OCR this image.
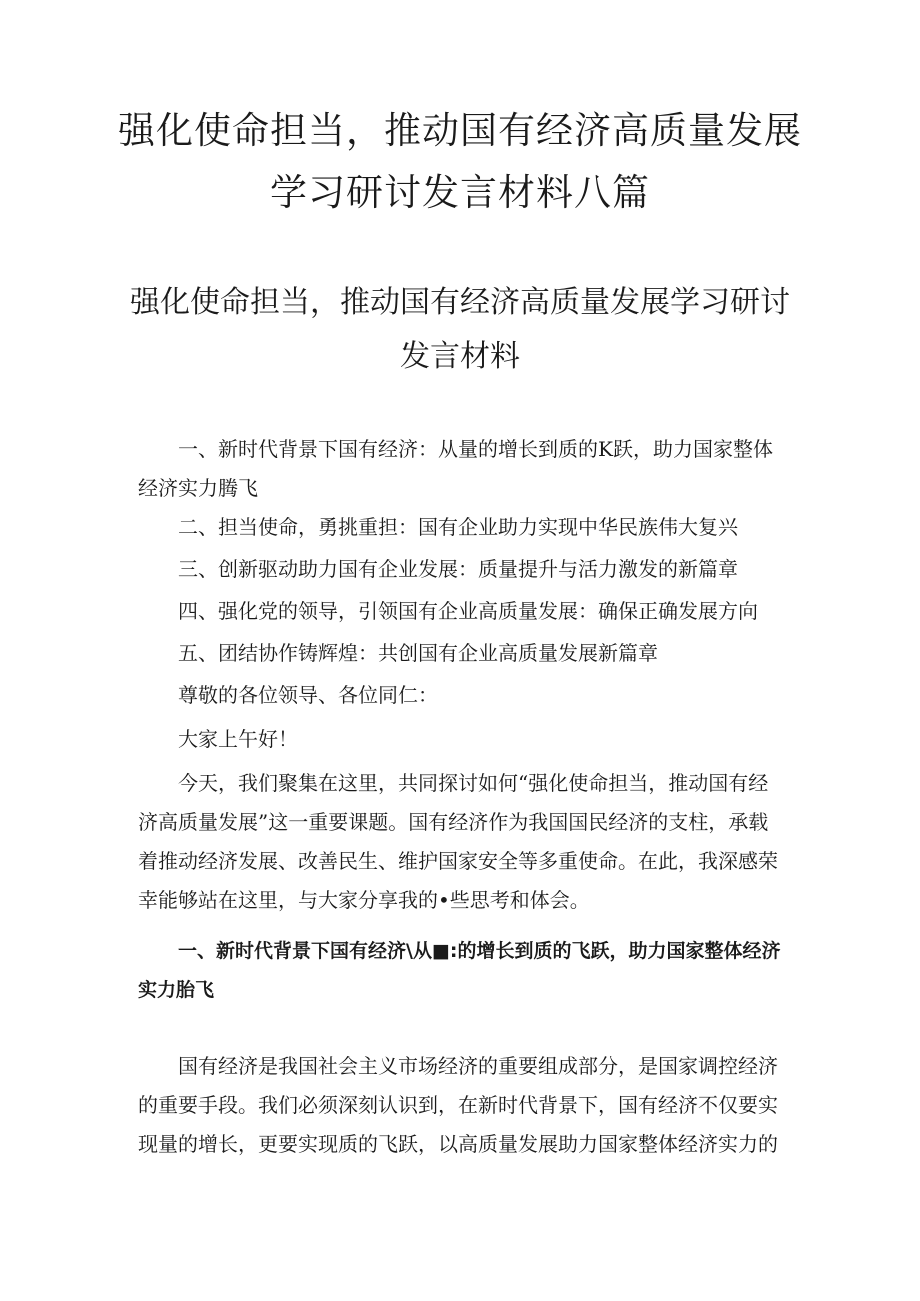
强化使命担当，推动国有经济高质量发展
学习研讨发言材料八篇
强化使命担当，推动国有经济高质量发展学习研讨
发言材料

一、新时代背景下国有经济：从量的增长到质的K跃，助力国家整体经济实力腾飞

二、担当使命，勇挑重担：国有企业助力实现中华民族伟大复兴

三、创新驱动助力国有企业发展：质量提升与活力激发的新篇章

四、强化党的领导，引领国有企业高质量发展：确保正确发展方向

五、团结协作铸辉煌：共创国有企业高质量发展新篇章

尊敬的各位领导、各位同仁：

大家上午好！

今天，我们聚集在这里，共同探讨如何“强化使命担当，推动国有经济高质量发展”这一重要课题。国有经济作为我国国民经济的支柱，承载着推动经济发展、改善民生、维护国家安全等多重使命。在此，我深感荣幸能够站在这里，与大家分享我的•些思考和体会。

一、新时代背景下国有经济\从■:的增长到质的飞跃，助力国家整体经济实力胎飞

国有经济是我国社会主义市场经济的重要组成部分，是国家调控经济的重要手段。我们必须深刻认识到，在新时代背景下，国有经济不仅要实现量的增长，更要实现质的飞跃，以高质量发展助力国家整体经济实力的
